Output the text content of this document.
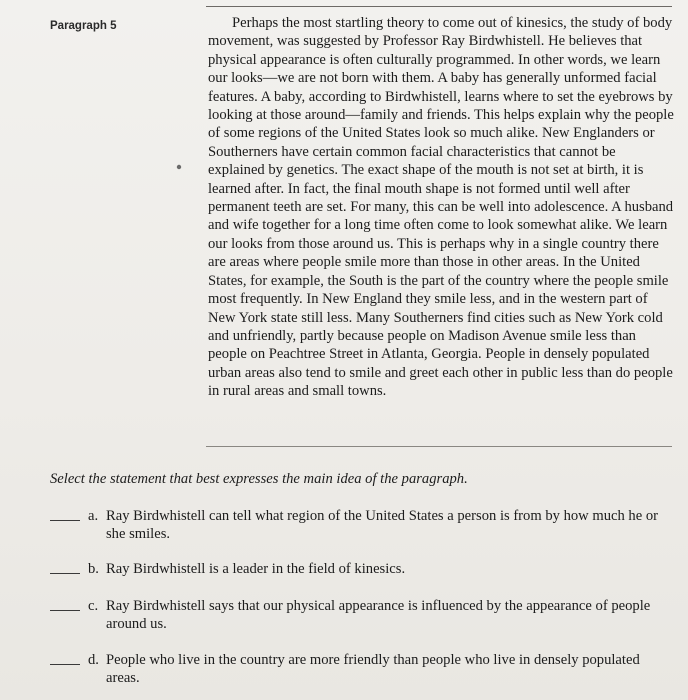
Paragraph 5	Perhaps the most startling theory to come out of kinesics, the study of body movement, was suggested by Professor Ray Birdwhistell. He believes that physical appearance is often culturally programmed. In other words, we learn our looks—we are not born with them. A baby has generally unformed facial features. A baby, according to Birdwhistell, learns where to set the eyebrows by looking at those around—family and friends. This helps explain why the people of some regions of the United States look so much alike. New Englanders or Southerners have certain common facial characteristics that cannot be explained by genetics. The exact shape of the mouth is not set at birth, it is learned after. In fact, the final mouth shape is not formed until well after permanent teeth are set. For many, this can be well into adolescence. A husband and wife together for a long time often come to look somewhat alike. We learn our looks from those around us. This is perhaps why in a single country there are areas where people smile more than those in other areas. In the United States, for example, the South is the part of the country where the people smile most frequently. In New England they smile less, and in the western part of New York state still less. Many Southerners find cities such as New York cold and unfriendly, partly because people on Madison Avenue smile less than people on Peachtree Street in Atlanta, Georgia. People in densely populated urban areas also tend to smile and greet each other in public less than do people in rural areas and small towns.

Select the statement that best expresses the main idea of the paragraph.

a. Ray Birdwhistell can tell what region of the United States a person is from by how much he or she smiles.
b. Ray Birdwhistell is a leader in the field of kinesics.
c. Ray Birdwhistell says that our physical appearance is influenced by the appearance of people around us.
d. People who live in the country are more friendly than people who live in densely populated areas.
